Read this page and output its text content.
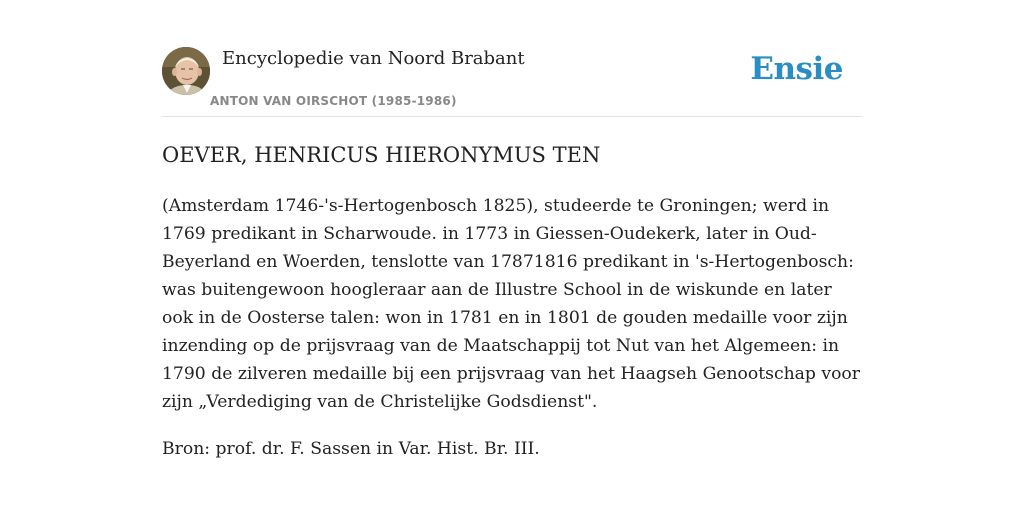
Encyclopedie van Noord Brabant
ANTON VAN OIRSCHOT (1985-1986)
Ensie
OEVER, HENRICUS HIERONYMUS TEN

(Amsterdam 1746-'s-Hertogenbosch 1825), studeerde te Groningen; werd in 1769 predikant in Scharwoude. in 1773 in Giessen-Oudekerk, later in Oud-Beyerland en Woerden, tenslotte van 17871816 predikant in 's-Hertogenbosch: was buitengewoon hoogleraar aan de Illustre School in de wiskunde en later ook in de Oosterse talen: won in 1781 en in 1801 de gouden medaille voor zijn inzending op de prijsvraag van de Maatschappij tot Nut van het Algemeen: in 1790 de zilveren medaille bij een prijsvraag van het Haagseh Genootschap voor zijn „Verdediging van de Christelijke Godsdienst".

Bron: prof. dr. F. Sassen in Var. Hist. Br. III.
